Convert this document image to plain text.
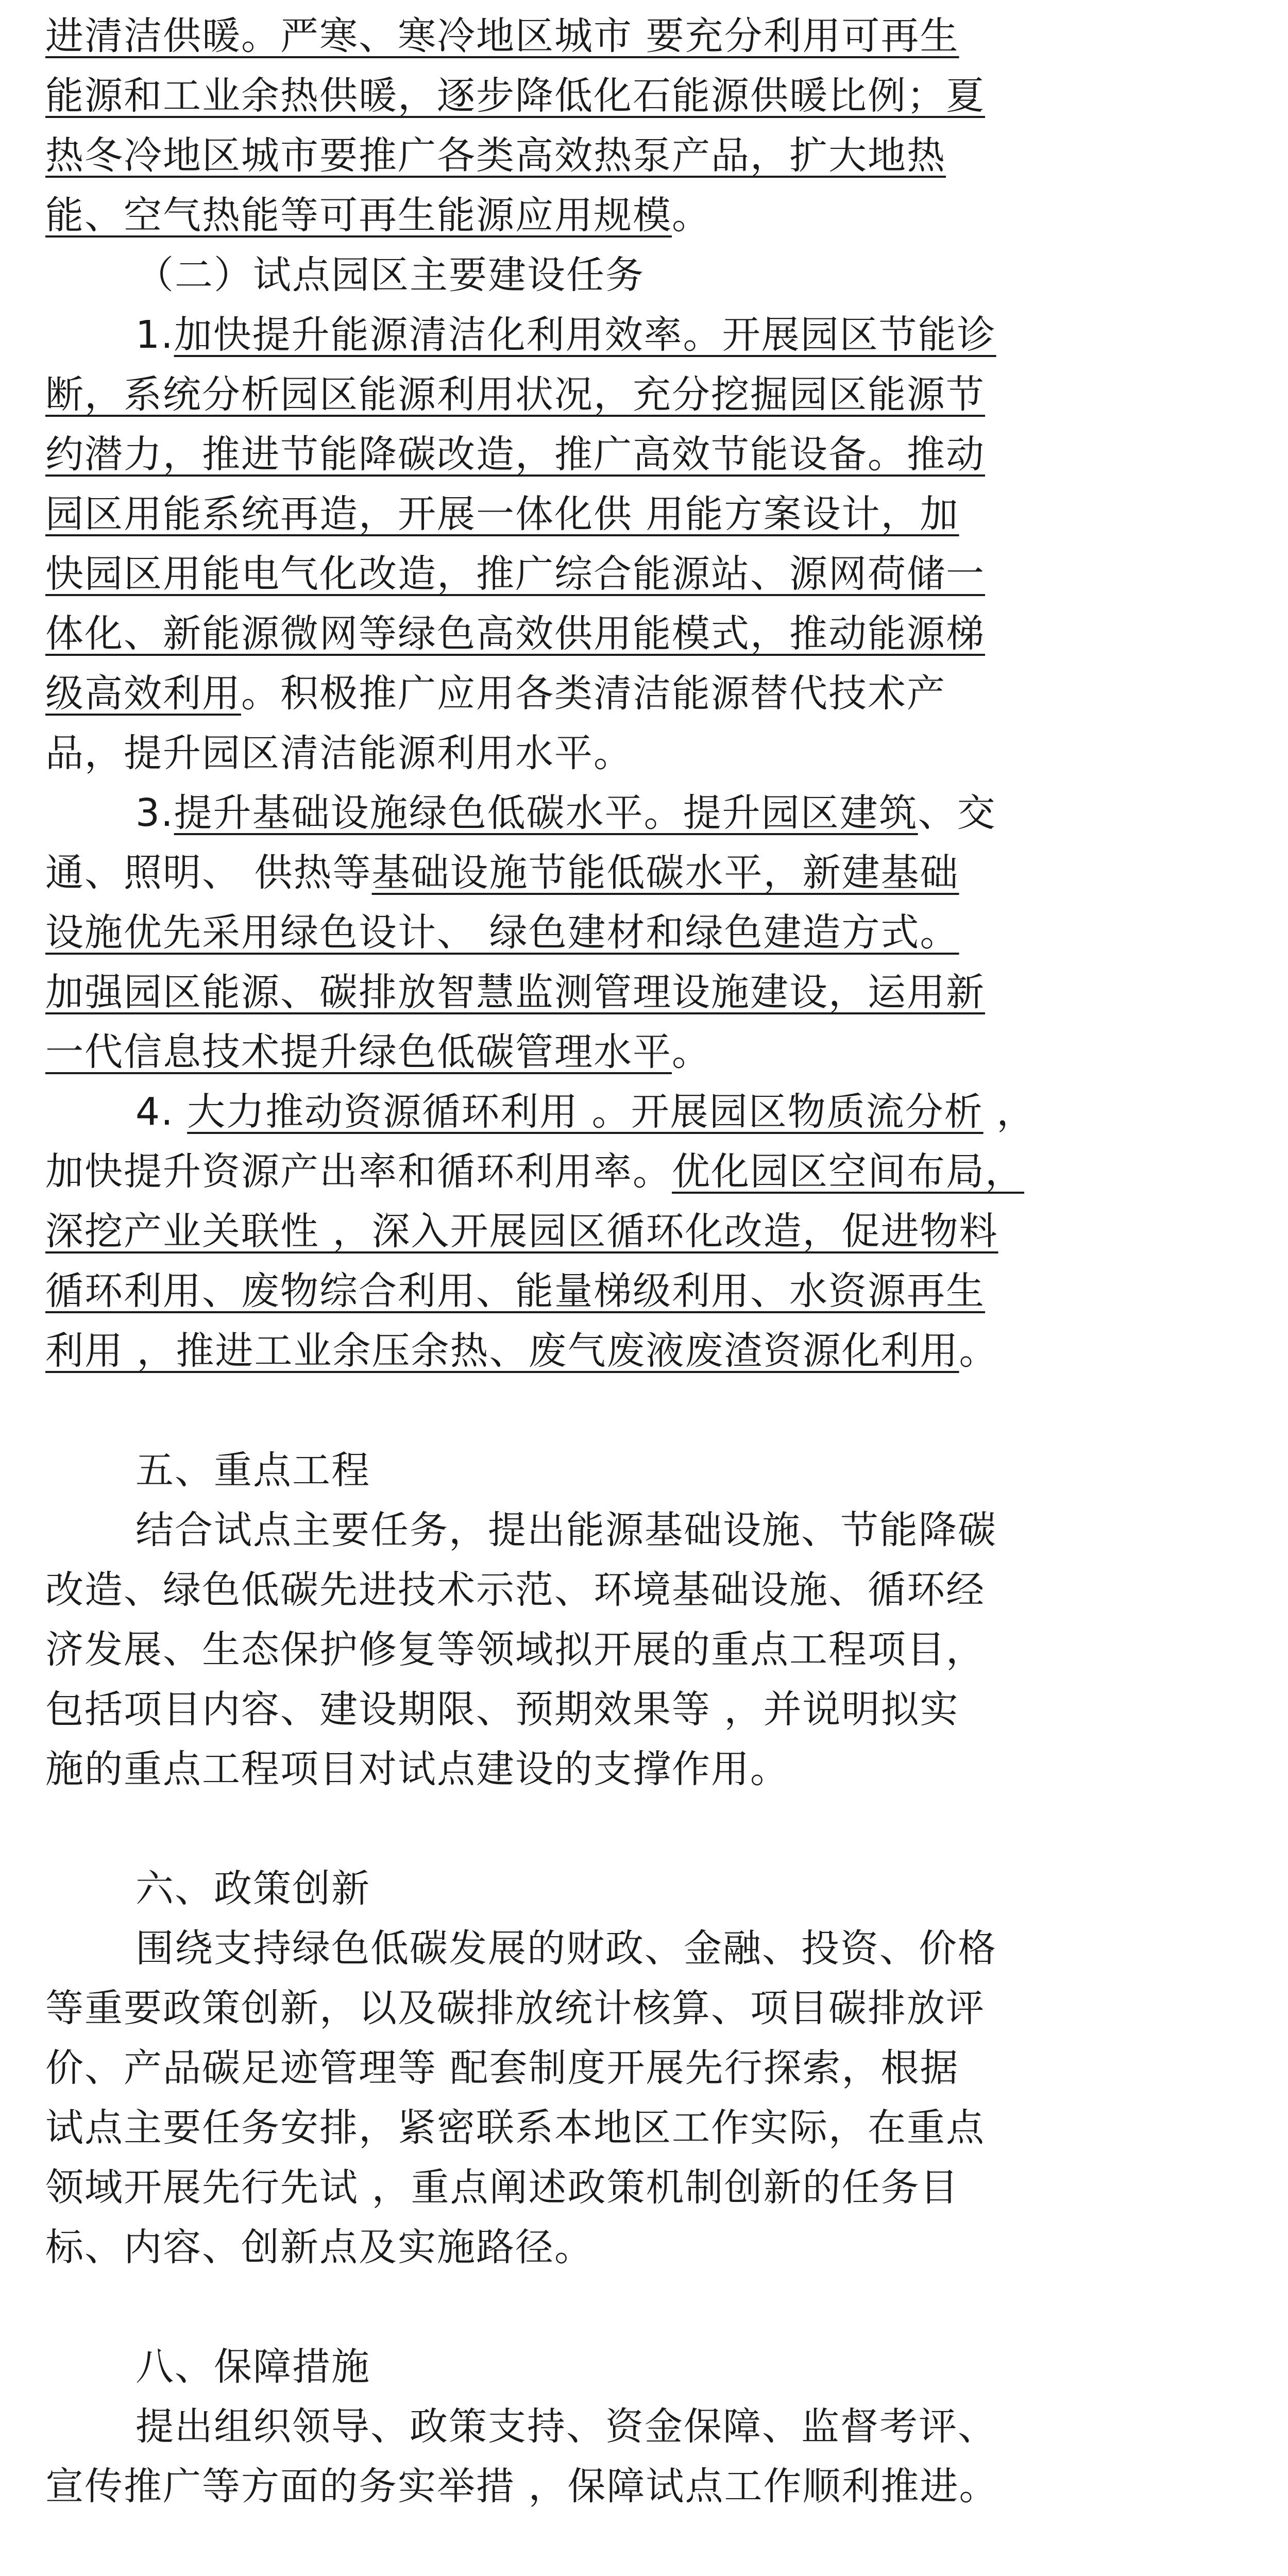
进清洁供暖。严寒、寒冷地区城市 要充分利用可再生
能源和工业余热供暖，逐步降低化石能源供暖比例；夏
热冬冷地区城市要推广各类高效热泵产品，扩大地热
能、空气热能等可再生能源应用规模。
（二）试点园区主要建设任务
1.加快提升能源清洁化利用效率。开展园区节能诊
断，系统分析园区能源利用状况，充分挖掘园区能源节
约潜力，推进节能降碳改造，推广高效节能设备。推动
园区用能系统再造，开展一体化供 用能方案设计，加
快园区用能电气化改造，推广综合能源站、源网荷储一
体化、新能源微网等绿色高效供用能模式，推动能源梯
级高效利用。积极推广应用各类清洁能源替代技术产
品，提升园区清洁能源利用水平。
3.提升基础设施绿色低碳水平。提升园区建筑、交
通、照明、 供热等基础设施节能低碳水平，新建基础
设施优先采用绿色设计、 绿色建材和绿色建造方式。
加强园区能源、碳排放智慧监测管理设施建设，运用新
一代信息技术提升绿色低碳管理水平。
4. 大力推动资源循环利用 。开展园区物质流分析 ，
加快提升资源产出率和循环利用率。优化园区空间布局，
深挖产业关联性 ，深入开展园区循环化改造，促进物料
循环利用、废物综合利用、能量梯级利用、水资源再生
利用 ，推进工业余压余热、废气废液废渣资源化利用。
五、重点工程
结合试点主要任务，提出能源基础设施、节能降碳
改造、绿色低碳先进技术示范、环境基础设施、循环经
济发展、生态保护修复等领域拟开展的重点工程项目，
包括项目内容、建设期限、预期效果等 ，并说明拟实
施的重点工程项目对试点建设的支撑作用。
六、政策创新
围绕支持绿色低碳发展的财政、金融、投资、价格
等重要政策创新，以及碳排放统计核算、项目碳排放评
价、产品碳足迹管理等 配套制度开展先行探索，根据
试点主要任务安排，紧密联系本地区工作实际，在重点
领域开展先行先试 ，重点阐述政策机制创新的任务目
标、内容、创新点及实施路径。
八、保障措施
提出组织领导、政策支持、资金保障、监督考评、
宣传推广等方面的务实举措 ，保障试点工作顺利推进。
